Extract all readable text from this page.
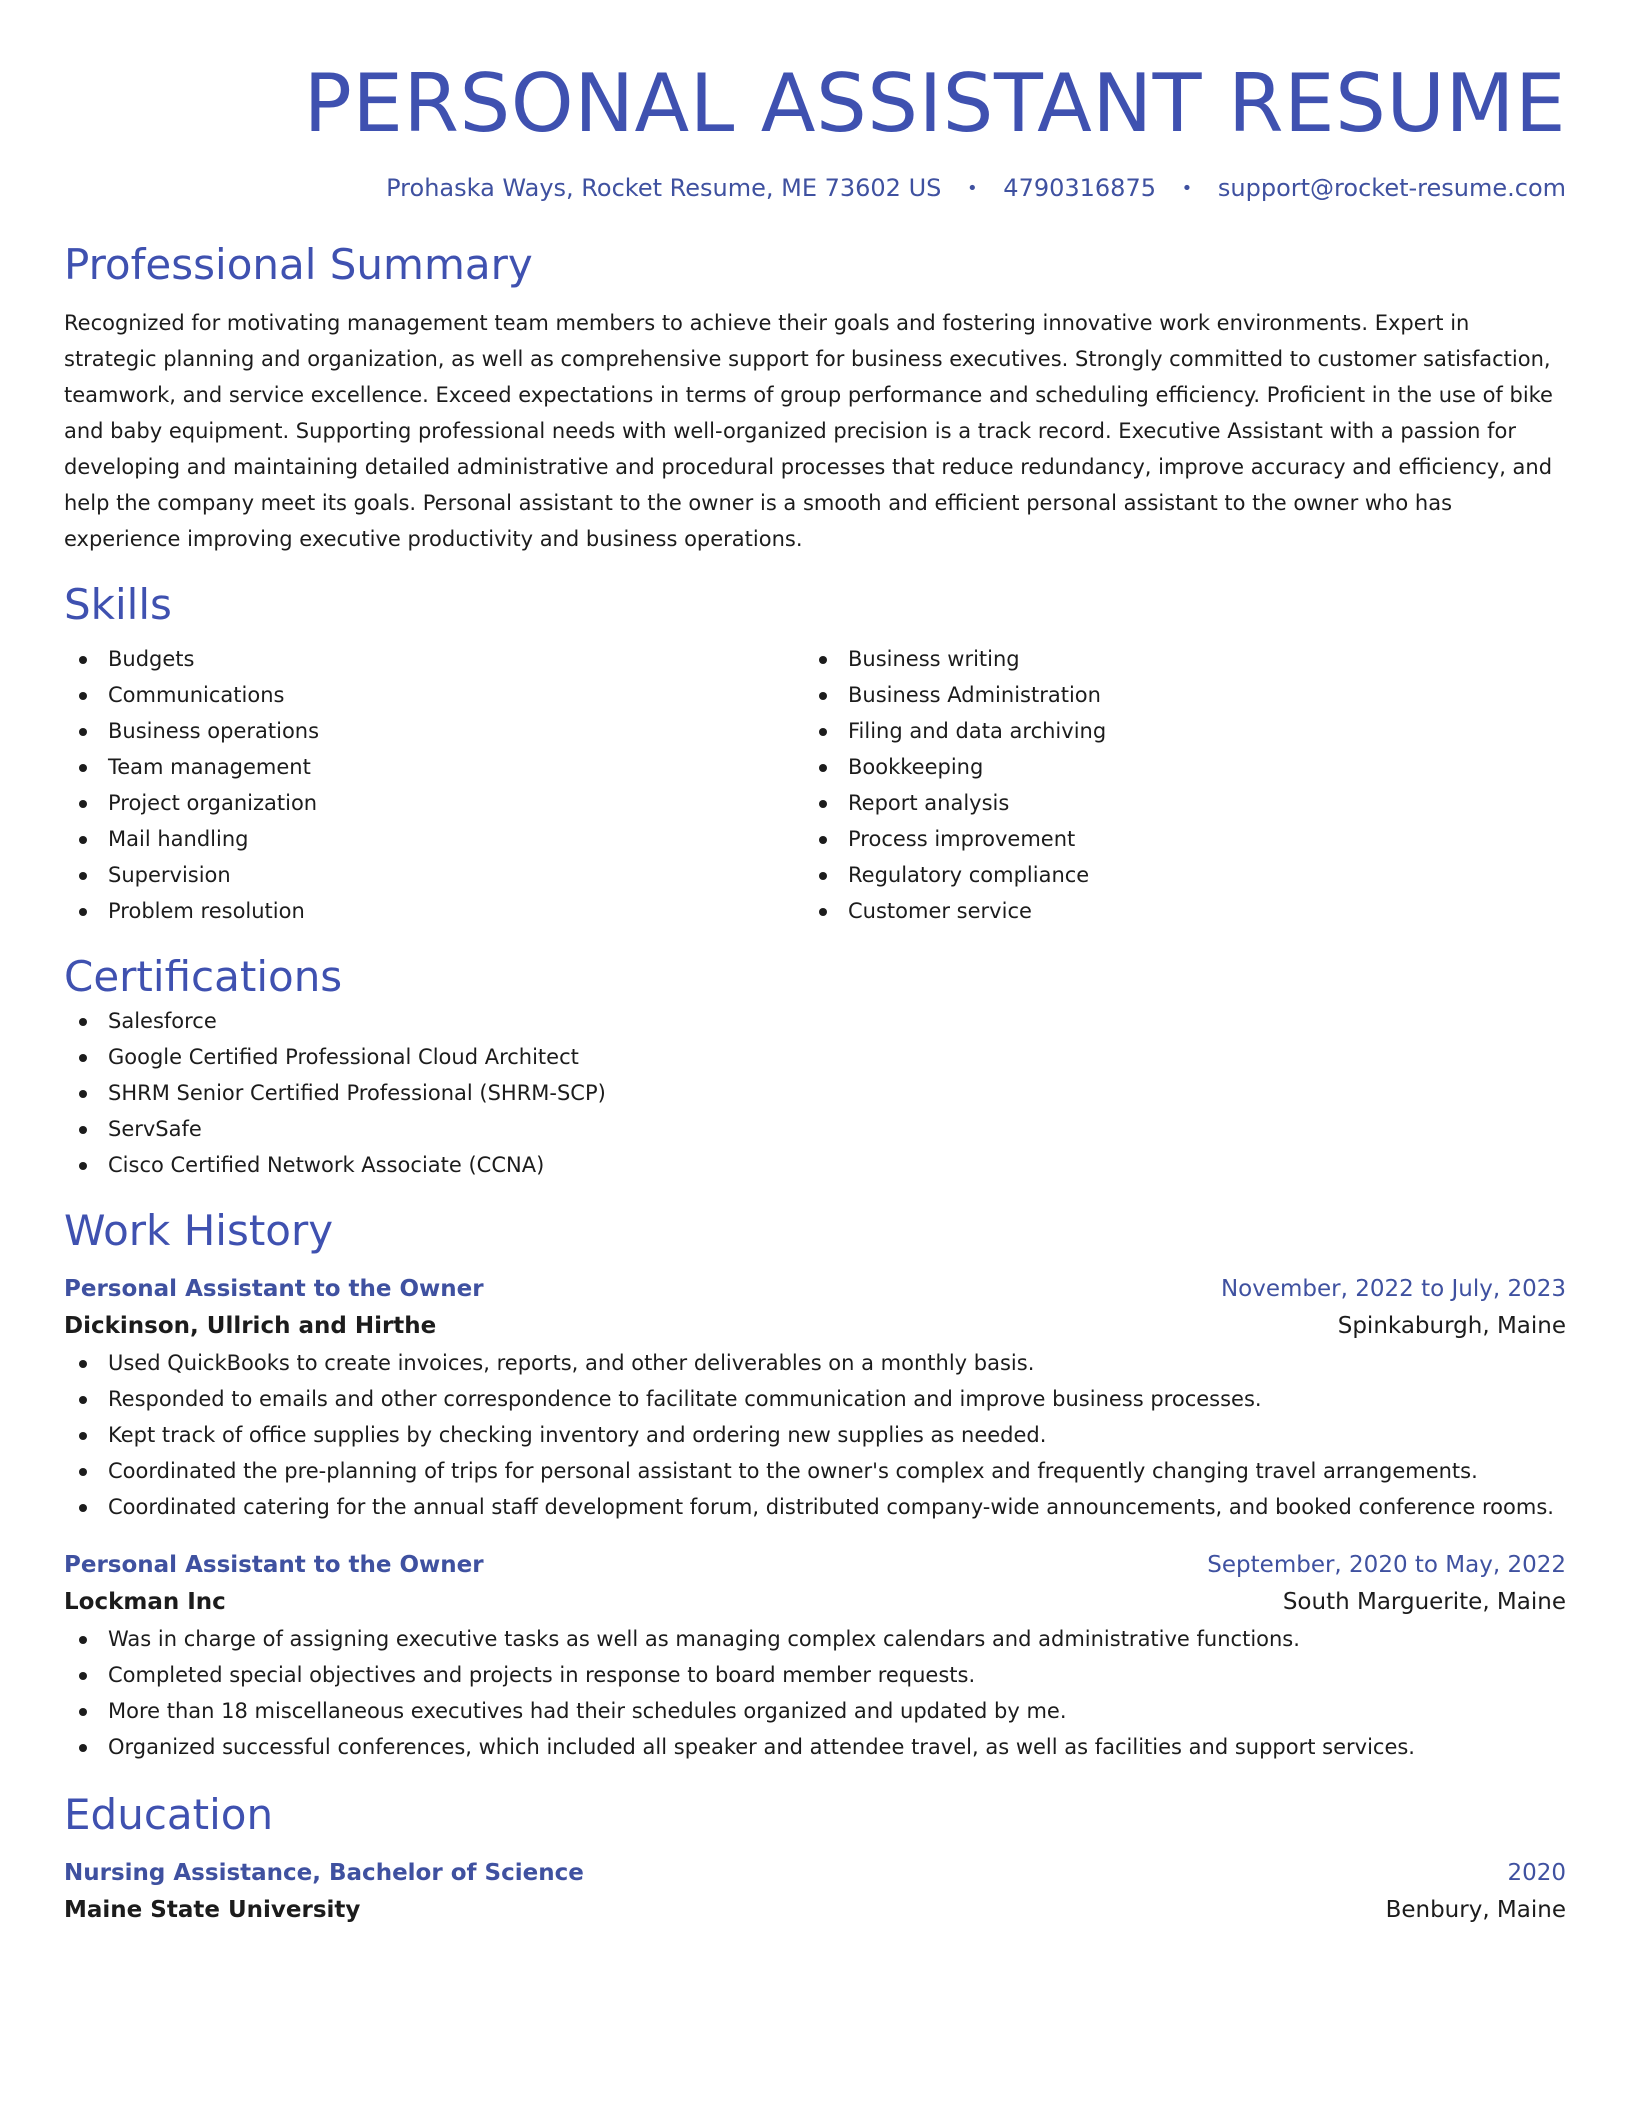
PERSONAL ASSISTANT RESUME
Prohaska Ways, Rocket Resume, ME 73602 US • 4790316875 • support@rocket-resume.com
Professional Summary

Recognized for motivating management team members to achieve their goals and fostering innovative work environments. Expert in strategic planning and organization, as well as comprehensive support for business executives. Strongly committed to customer satisfaction, teamwork, and service excellence. Exceed expectations in terms of group performance and scheduling efficiency. Proficient in the use of bike and baby equipment. Supporting professional needs with well-organized precision is a track record. Executive Assistant with a passion for developing and maintaining detailed administrative and procedural processes that reduce redundancy, improve accuracy and efficiency, and help the company meet its goals. Personal assistant to the owner is a smooth and efficient personal assistant to the owner who has experience improving executive productivity and business operations.

Skills
Budgets
Communications
Business operations
Team management
Project organization
Mail handling
Supervision
Problem resolution
Business writing
Business Administration
Filing and data archiving
Bookkeeping
Report analysis
Process improvement
Regulatory compliance
Customer service
Certifications
Salesforce
Google Certified Professional Cloud Architect
SHRM Senior Certified Professional (SHRM-SCP)
ServSafe
Cisco Certified Network Associate (CCNA)
Work History
Personal Assistant to the Owner	November, 2022 to July, 2023
Dickinson, Ullrich and Hirthe	Spinkaburgh, Maine
Used QuickBooks to create invoices, reports, and other deliverables on a monthly basis.
Responded to emails and other correspondence to facilitate communication and improve business processes.
Kept track of office supplies by checking inventory and ordering new supplies as needed.
Coordinated the pre-planning of trips for personal assistant to the owner's complex and frequently changing travel arrangements.
Coordinated catering for the annual staff development forum, distributed company-wide announcements, and booked conference rooms.
Personal Assistant to the Owner	September, 2020 to May, 2022
Lockman Inc	South Marguerite, Maine
Was in charge of assigning executive tasks as well as managing complex calendars and administrative functions.
Completed special objectives and projects in response to board member requests.
More than 18 miscellaneous executives had their schedules organized and updated by me.
Organized successful conferences, which included all speaker and attendee travel, as well as facilities and support services.
Education
Nursing Assistance, Bachelor of Science	2020
Maine State University	Benbury, Maine
